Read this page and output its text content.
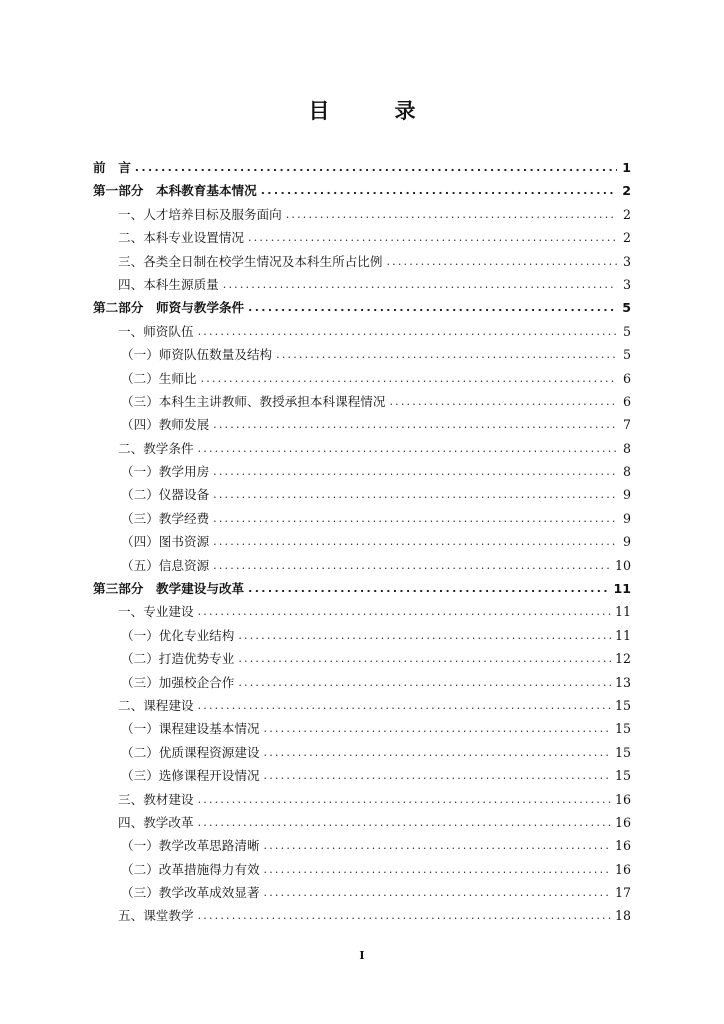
目　录
前　言 .....	1
第一部分　本科教育基本情况 .....	2
一、人才培养目标及服务面向 .....	2
二、本科专业设置情况 .....	2
三、各类全日制在校学生情况及本科生所占比例 .....	3
四、本科生源质量 .....	3
第二部分　师资与教学条件 .....	5
一、师资队伍 .....	5
（一）师资队伍数量及结构 .....	5
（二）生师比 .....	6
（三）本科生主讲教师、教授承担本科课程情况 .....	6
（四）教师发展 .....	7
二、教学条件 .....	8
（一）教学用房 .....	8
（二）仪器设备 .....	9
（三）教学经费 .....	9
（四）图书资源 .....	9
（五）信息资源 .....	10
第三部分　教学建设与改革 .....	11
一、专业建设 .....	11
（一）优化专业结构 .....	11
（二）打造优势专业 .....	12
（三）加强校企合作 .....	13
二、课程建设 .....	15
（一）课程建设基本情况 .....	15
（二）优质课程资源建设 .....	15
（三）选修课程开设情况 .....	15
三、教材建设 .....	16
四、教学改革 .....	16
（一）教学改革思路清晰 .....	16
（二）改革措施得力有效 .....	16
（三）教学改革成效显著 .....	17
五、课堂教学 .....	18
I
